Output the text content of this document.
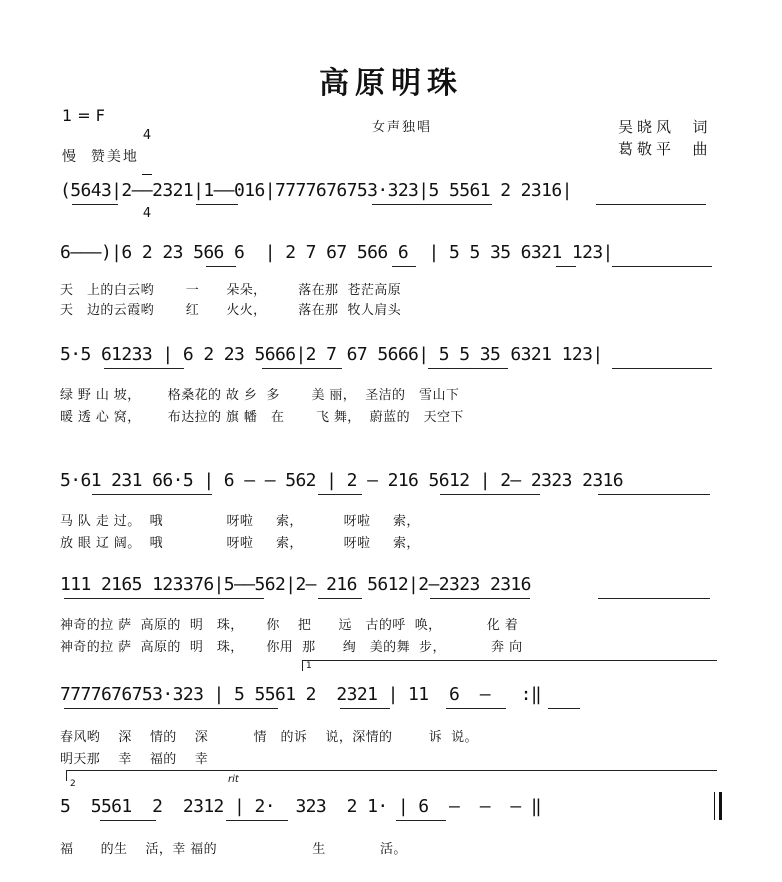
高原明珠
1 = F

4

4

慢  赞美地
女声独唱	吴晓风  词
葛敬平  曲
(5643|2——2321|1——016|7777676753·323|5 5561 2 2316|
6———)|6 2 23 566 6  | 2 7 67 566 6  | 5 5 35 6321 123|
天   上的白云哟       一      朵朵，       落在那  苍茫高原
天   边的云霞哟       红      火火，       落在那  牧人肩头
5·5 61233 | 6 2 23 5666|2 7 67 5666| 5 5 35 6321 123|
绿 野 山 坡，      格桑花的 故 乡  多       美 丽，  圣洁的   雪山下
暖 透 心 窝，      布达拉的 旗 幡   在       飞 舞，  蔚蓝的   天空下
5·61 231 66·5 | 6 — — 562 | 2 — 216 5612 | 2— 2323 2316
马 队 走 过。  哦              呀啦     索，         呀啦     索，
放 眼 辽 阔。  哦              呀啦     索，         呀啦     索，
111 2165 123376|5——562|2— 216 5612|2—2323 2316
神奇的拉 萨  高原的  明   珠，     你    把      远   古的呼  唤，          化 着
神奇的拉 萨  高原的  明   珠，     你用  那      绚   美的舞  步，          奔 向
1
7777676753·323 | 5 5561 2  2321 | 11  6  —   :‖
春风哟    深    情的    深          情   的诉    说，深情的        诉  说。
明天那    幸    福的    幸
2	rit
5  5561  2  2312 | 2·  323  2 1· | 6  —  —  — ‖
福      的生    活，幸 福的                     生            活。
